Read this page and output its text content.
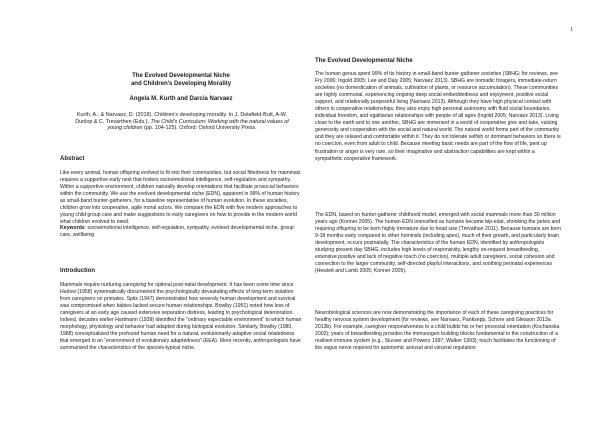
1
The Evolved Developmental Niche
and Children’s Developing Morality
Angela M. Kurth and Darcia Narvaez
Kurth, A., & Narvaez, D. (2018). Children’s developing morality. In J. Delafield-Butt, A-W. Dunlop & C. Trevarthen (Eds.), The Child’s Curriculum: Working with the natural values of young children (pp. 104-125). Oxford: Oxford University Press.
Abstract

Like every animal, human offspring evolved to fit into their communities, but social fittedness for mammals requires a supportive early nest that fosters socioemotional intelligence, self-regulation and sympathy. Within a supportive environment, children naturally develop orientations that facilitate prosocial behaviors within the community. We use the evolved developmental niche (EDN), apparent in 99% of human history as small-band hunter-gatherers, for a baseline representative of human evolution. In these societies, children grow into cooperative, agile moral actors. We compare the EDN with five modern approaches to young child group care and make suggestions to early caregivers on how to provide in the modern world what children evolved to need.

Keywords: socioemotional intelligence, self-regulation, sympathy, evolved developmental niche, group care, wellbeing

Introduction

Mammals require nurturing caregiving for optimal post-natal development. It has been some time since Harlow (1958) systematically documented the psychologically devastating effects of long-term isolation from caregivers on primates. Spitz (1947) demonstrated how severely human development and survival was compromised when babies lacked secure human relationships. Bowlby (1951) noted how loss of caregivers at an early age caused extensive separation distress, leading to psychological deterioration. Indeed, decades earlier Hartmann (1939) identified the “ordinary expectable environment” to which human morphology, physiology and behavior had adapted during biological evolution. Similarly, Bowlby (1980, 1988) conceptualized the profound human need for a natural, evolutionarily adaptive social relatedness that emerged in an “environment of evolutionary adaptedness” (EEA). More recently, anthropologists have summarized the characteristics of the species-typical niche.

The Evolved Developmental Niche

The human genus spent 99% of its history in small-band hunter-gatherer societies (SBHG; for reviews, see Fry 2006; Ingold 2005; Lee and Daly 2005; Narvaez 2013). SBHG are nomadic foragers, immediate-return societies (no domestication of animals, cultivation of plants, or resource accumulation). These communities are highly communal, experiencing ongoing deep social embeddedness and enjoyment, positive social support, and relationally purposeful living (Narvaez 2013). Although they have high physical contact with others in cooperative relationships, they also enjoy high personal autonomy with fluid social boundaries, individual freedom, and egalitarian relationships with people of all ages (Ingold 2005; Narvaez 2013). Living close to the earth and to one another, SBHG are immersed in a world of cooperative give and take, valuing generosity and cooperation with the social and natural world. The natural world forms part of the community and they are relaxed and comfortable within it. They do not tolerate selfish or dominant behaviors so there is no coercion, even from adult to child. Because meeting basic needs are part of the flow of life, pent up frustration or anger is very rare, so their imaginative and abstraction capabilities are kept within a sympathetic cooperative framework.

The EDN, based on hunter-gatherer childhood model, emerged with social mammals more than 30 million years ago (Konner 2005). The human EDN intensified as humans became bip-edal, shrinking the pelvis and requiring offspring to be born highly immature due to head size (Trevathan 2011). Because humans are born 9-18 months early compared to other hominids (including apes), much of their growth, and particularly brain development, occurs postnatally. The characteristics of the human EDN, identified by anthropologists studying present day SBHG, includes high levels of responsivity, lengthy on-request breastfeeding, extensive positive and lack of negative touch (no coercion), multiple adult caregivers, social cohesion and connection to the larger community, self-directed playful interactions, and soothing perinatal experiences (Hewlett and Lamb 2005; Konner 2005).

Neurobiological sciences are now demonstrating the importance of each of these caregiving practices for healthy nervous system development (for reviews, see Narvaez, Panksepp, Schore and Gleason 2013a 2013b). For example, caregiver responsiveness to a child builds his or her prosocial orientation (Kochanska 2002); years of breastfeeding provides the immunogen building blocks fundamental to the construction of a resilient immune system (e.g., Slusser and Powers 1997; Walker 1993); touch facilitates the functioning of the vagus nerve required for autonomic arousal and visceral regulation
